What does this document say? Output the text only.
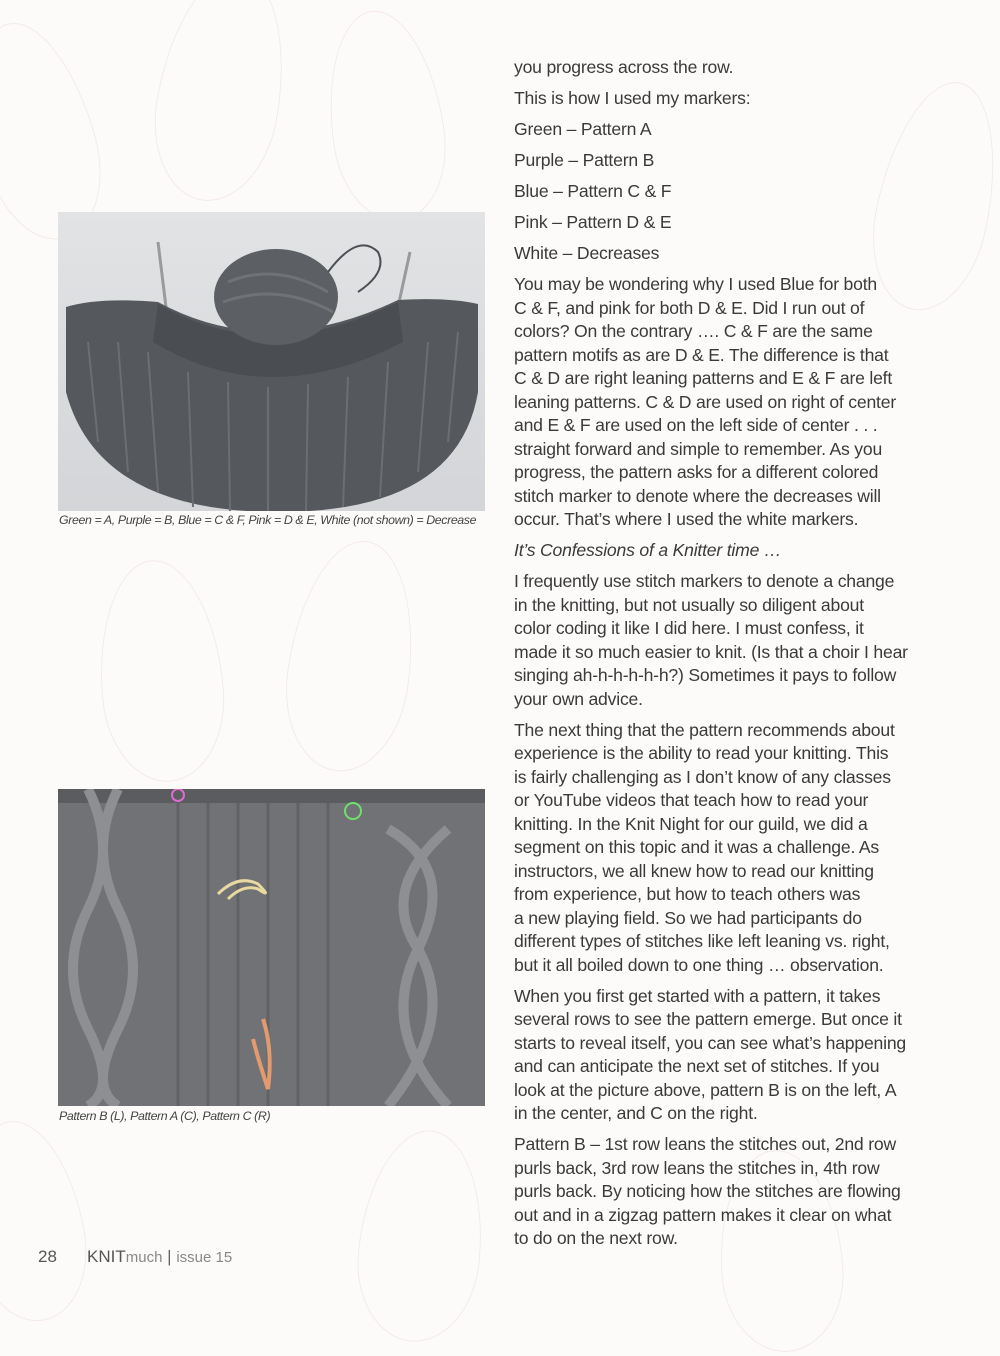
Green = A, Purple = B, Blue = C & F, Pink = D & E, White (not shown) = Decrease
Pattern B (L), Pattern A (C), Pattern C (R)

you progress across the row.

This is how I used my markers:

Green – Pattern A

Purple – Pattern B

Blue – Pattern C & F

Pink – Pattern D & E

White – Decreases

You may be wondering why I used Blue for both
C & F, and pink for both D & E. Did I run out of
colors? On the contrary …. C & F are the same
pattern motifs as are D & E. The difference is that
C & D are right leaning patterns and E & F are left
leaning patterns. C & D are used on right of center
and E & F are used on the left side of center . . .
straight forward and simple to remember. As you
progress, the pattern asks for a different colored
stitch marker to denote where the decreases will
occur. That’s where I used the white markers.

It’s Confessions of a Knitter time …

I frequently use stitch markers to denote a change
in the knitting, but not usually so diligent about
color coding it like I did here. I must confess, it
made it so much easier to knit. (Is that a choir I hear
singing ah-h-h-h-h-h?) Sometimes it pays to follow
your own advice.

The next thing that the pattern recommends about
experience is the ability to read your knitting. This
is fairly challenging as I don’t know of any classes
or YouTube videos that teach how to read your
knitting. In the Knit Night for our guild, we did a
segment on this topic and it was a challenge. As
instructors, we all knew how to read our knitting
from experience, but how to teach others was
a new playing field. So we had participants do
different types of stitches like left leaning vs. right,
but it all boiled down to one thing … observation.

When you first get started with a pattern, it takes
several rows to see the pattern emerge. But once it
starts to reveal itself, you can see what’s happening
and can anticipate the next set of stitches. If you
look at the picture above, pattern B is on the left, A
in the center, and C on the right.

Pattern B – 1st row leans the stitches out, 2nd row
purls back, 3rd row leans the stitches in, 4th row
purls back. By noticing how the stitches are flowing
out and in a zigzag pattern makes it clear on what
to do on the next row.

28 KNITmuch | issue 15
